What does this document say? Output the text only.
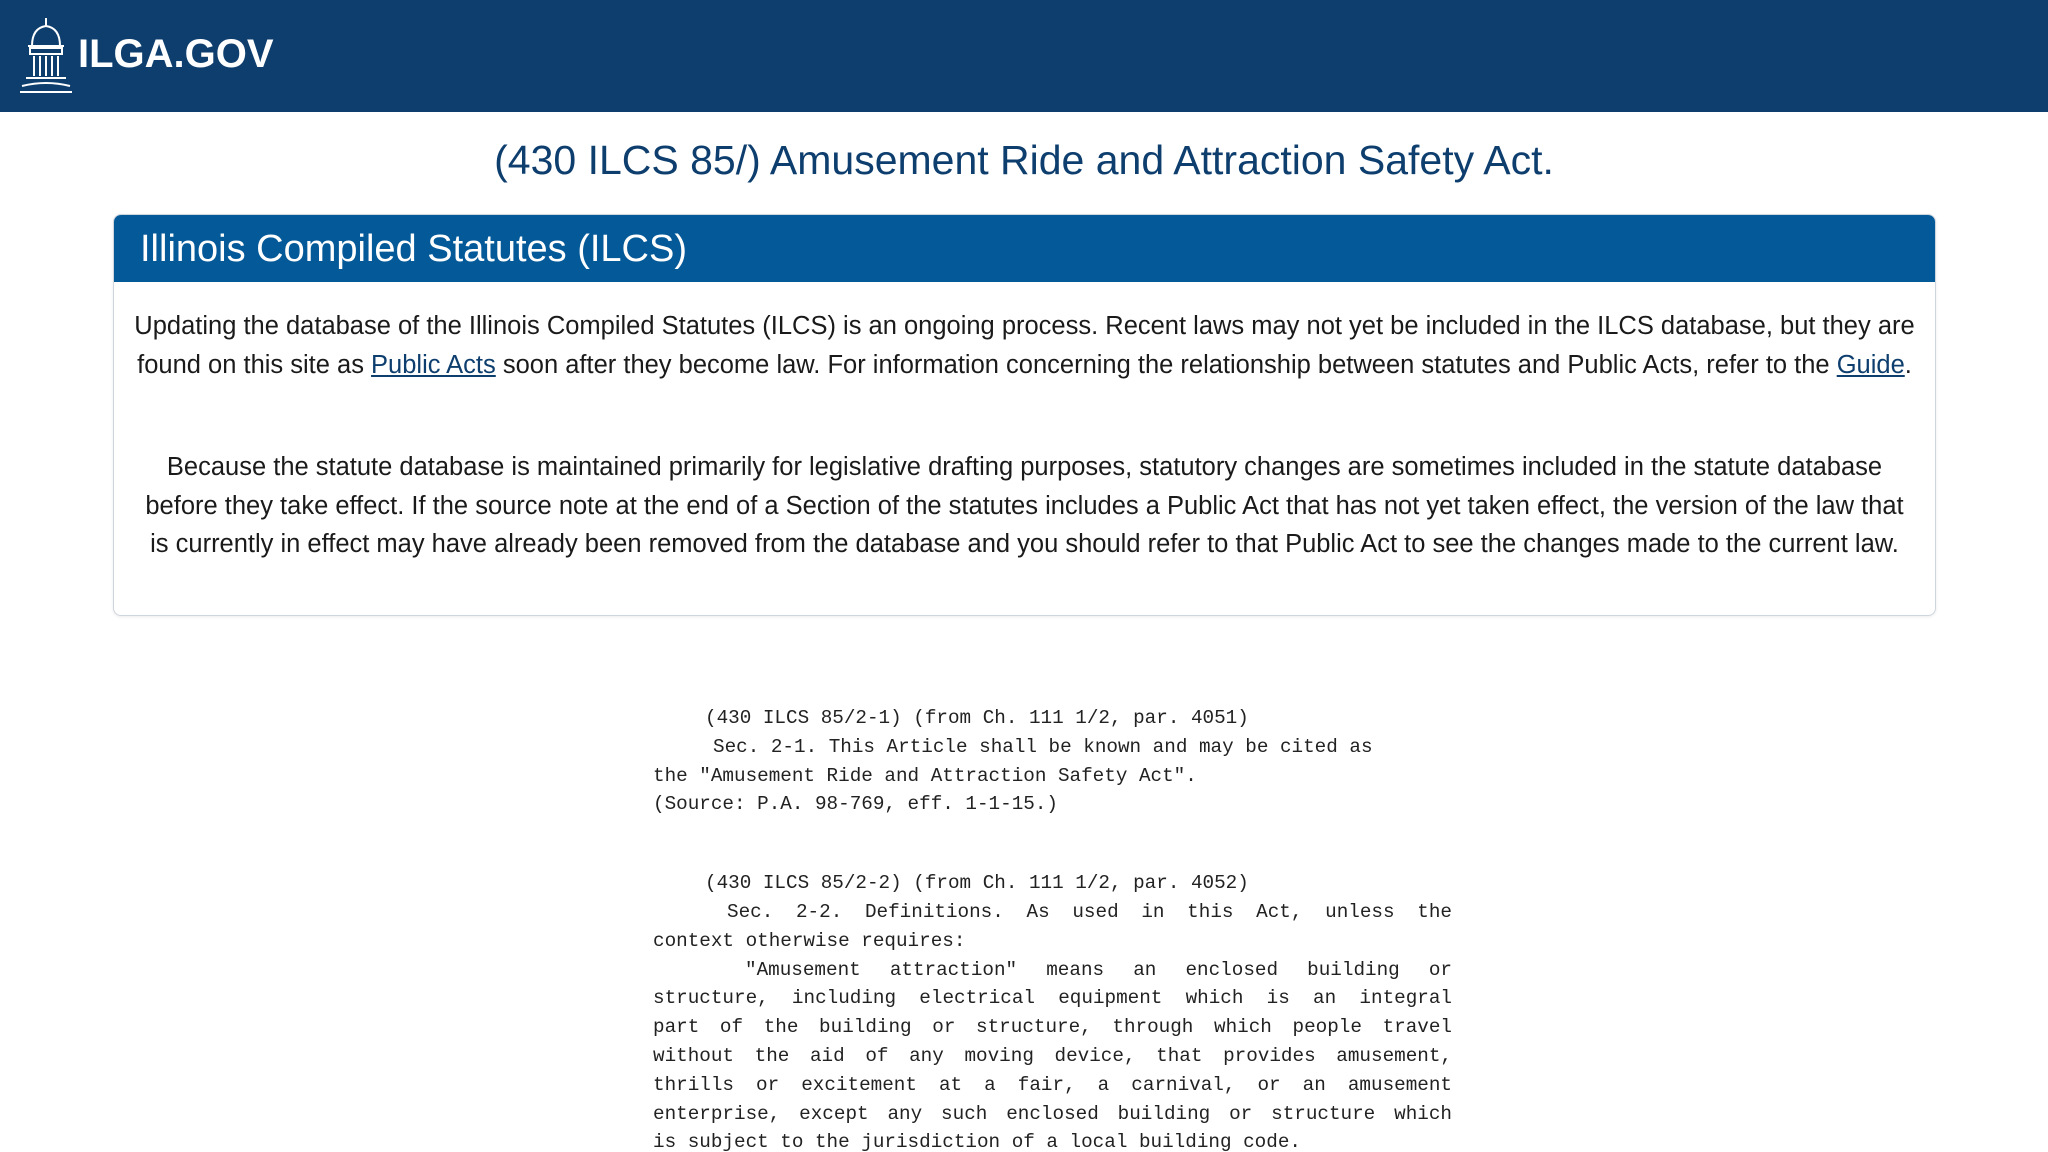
ILGA.GOV
(430 ILCS 85/) Amusement Ride and Attraction Safety Act.
Illinois Compiled Statutes (ILCS)

Updating the database of the Illinois Compiled Statutes (ILCS) is an ongoing process. Recent laws may not yet be included in the ILCS database, but they are found on this site as Public Acts soon after they become law. For information concerning the relationship between statutes and Public Acts, refer to the Guide.

Because the statute database is maintained primarily for legislative drafting purposes, statutory changes are sometimes included in the statute database before they take effect. If the source note at the end of a Section of the statutes includes a Public Act that has not yet taken effect, the version of the law that is currently in effect may have already been removed from the database and you should refer to that Public Act to see the changes made to the current law.

(430 ILCS 85/2-1) (from Ch. 111 1/2, par. 4051)
Sec. 2-1. This Article shall be known and may be cited as
the "Amusement Ride and Attraction Safety Act".
(Source: P.A. 98-769, eff. 1-1-15.)
(430 ILCS 85/2-2) (from Ch. 111 1/2, par. 4052)
Sec. 2-2. Definitions. As used in this Act, unless the
context otherwise requires:
"Amusement attraction" means an enclosed building or
structure, including electrical equipment which is an integral
part of the building or structure, through which people travel
without the aid of any moving device, that provides amusement,
thrills or excitement at a fair, a carnival, or an amusement
enterprise, except any such enclosed building or structure which
is subject to the jurisdiction of a local building code.
